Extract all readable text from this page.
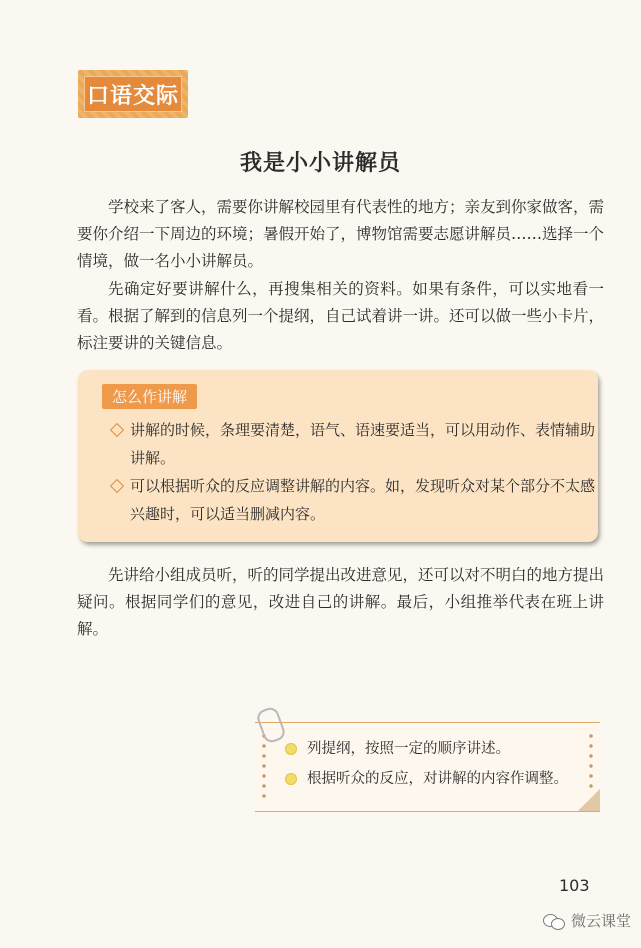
口语交际
我是小小讲解员
学校来了客人，需要你讲解校园里有代表性的地方；亲友到你家做客，需要你介绍一下周边的环境；暑假开始了，博物馆需要志愿讲解员……选择一个情境，做一名小小讲解员。
先确定好要讲解什么，再搜集相关的资料。如果有条件，可以实地看一看。根据了解到的信息列一个提纲，自己试着讲一讲。还可以做一些小卡片，标注要讲的关键信息。
怎么作讲解
讲解的时候，条理要清楚，语气、语速要适当，可以用动作、表情辅助讲解。
可以根据听众的反应调整讲解的内容。如，发现听众对某个部分不太感兴趣时，可以适当删减内容。
先讲给小组成员听，听的同学提出改进意见，还可以对不明白的地方提出疑问。根据同学们的意见，改进自己的讲解。最后，小组推举代表在班上讲解。
列提纲，按照一定的顺序讲述。
根据听众的反应，对讲解的内容作调整。
103
微云课堂
